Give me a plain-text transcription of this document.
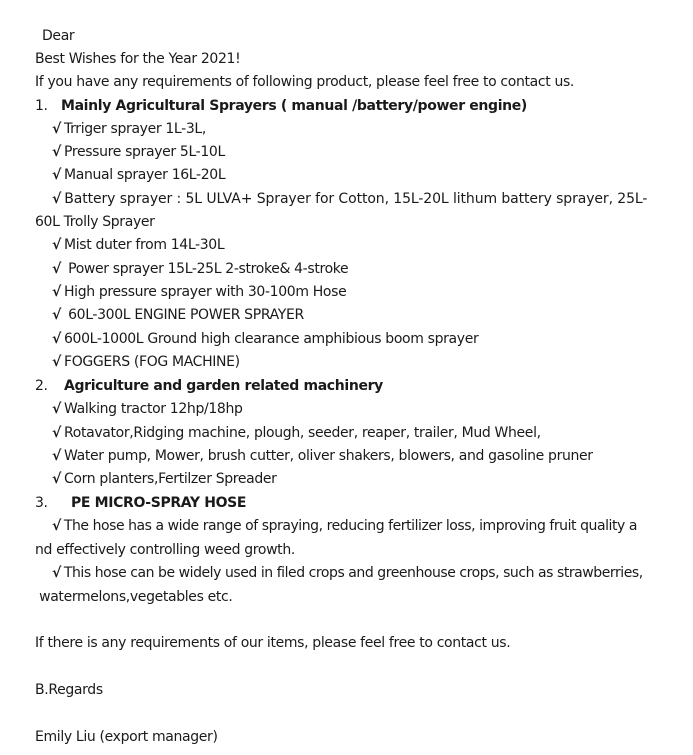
Dear
Best Wishes for the Year 2021!
If you have any requirements of following product, please feel free to contact us.
1. Mainly Agricultural Sprayers ( manual /battery/power engine)
√ Trriger sprayer 1L-3L,
√ Pressure sprayer 5L-10L
√ Manual sprayer 16L-20L
√ Battery sprayer : 5L ULVA+ Sprayer for Cotton, 15L-20L lithum battery sprayer, 25L-
60L Trolly Sprayer
√ Mist duter from 14L-30L
√ Power sprayer 15L-25L 2-stroke& 4-stroke
√ High pressure sprayer with 30-100m Hose
√ 60L-300L ENGINE POWER SPRAYER
√ 600L-1000L Ground high clearance amphibious boom sprayer
√ FOGGERS (FOG MACHINE)
2. Agriculture and garden related machinery
√ Walking tractor 12hp/18hp
√ Rotavator,Ridging machine, plough, seeder, reaper, trailer, Mud Wheel,
√ Water pump, Mower, brush cutter, oliver shakers, blowers, and gasoline pruner
√ Corn planters,Fertilzer Spreader
3. PE MICRO-SPRAY HOSE
√ The hose has a wide range of spraying, reducing fertilizer loss, improving fruit quality a
nd effectively controlling weed growth.
√ This hose can be widely used in filed crops and greenhouse crops, such as strawberries,
watermelons,vegetables etc.
If there is any requirements of our items, please feel free to contact us.
B.Regards
Emily Liu (export manager)
